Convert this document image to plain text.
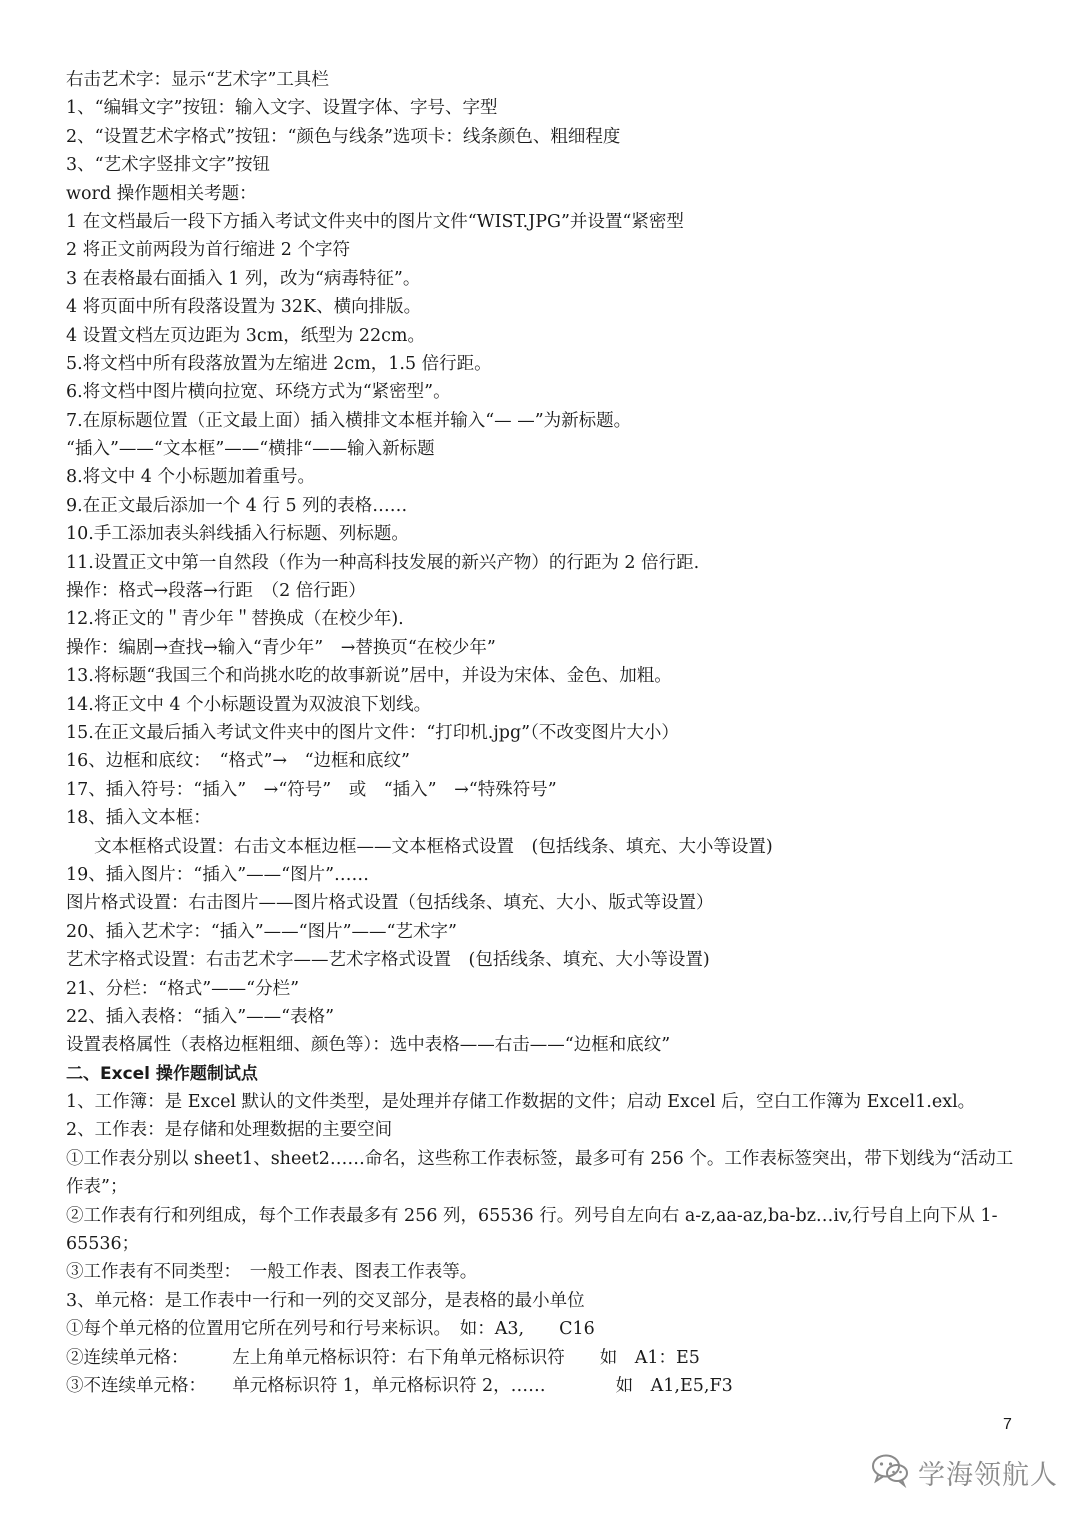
右击艺术字：显示“艺术字”工具栏
1、“编辑文字”按钮：输入文字、设置字体、字号、字型
2、“设置艺术字格式”按钮：“颜色与线条”选项卡：线条颜色、粗细程度
3、“艺术字竖排文字”按钮
word 操作题相关考题：
1 在文档最后一段下方插入考试文件夹中的图片文件“WIST.JPG”并设置“紧密型
2 将正文前两段为首行缩进 2 个字符
3 在表格最右面插入 1 列，改为“病毒特征”。
4 将页面中所有段落设置为 32K、横向排版。
4 设置文档左页边距为 3cm，纸型为 22cm。
5.将文档中所有段落放置为左缩进 2cm，1.5 倍行距。
6.将文档中图片横向拉宽、环绕方式为“紧密型”。
7.在原标题位置（正文最上面）插入横排文本框并输入“— —”为新标题。
“插入”——“文本框”——“横排“——输入新标题
8.将文中 4 个小标题加着重号。
9.在正文最后添加一个 4 行 5 列的表格……
10.手工添加表头斜线插入行标题、列标题。
11.设置正文中第一自然段（作为一种高科技发展的新兴产物）的行距为 2 倍行距.
操作：格式→段落→行距　（2 倍行距）
12.将正文的＂青少年＂替换成（在校少年).
操作：编剧→查找→输入“青少年”　→替换页“在校少年”
13.将标题“我国三个和尚挑水吃的故事新说”居中，并设为宋体、金色、加粗。
14.将正文中 4 个小标题设置为双波浪下划线。
15.在正文最后插入考试文件夹中的图片文件：“打印机.jpg”（不改变图片大小）
16、边框和底纹：　“格式”→　“边框和底纹”
17、插入符号：“插入”　→“符号”　或　“插入”　→“特殊符号”
18、插入文本框：
文本框格式设置：右击文本框边框——文本框格式设置　(包括线条、填充、大小等设置)
19、插入图片：“插入”——“图片”……
图片格式设置：右击图片——图片格式设置（包括线条、填充、大小、版式等设置）
20、插入艺术字：“插入”——“图片”——“艺术字”
艺术字格式设置：右击艺术字——艺术字格式设置　(包括线条、填充、大小等设置)
21、分栏：“格式”——“分栏”
22、插入表格：“插入”——“表格”
设置表格属性（表格边框粗细、颜色等）：选中表格——右击——“边框和底纹”
二、Excel 操作题制试点
1、工作簿：是 Excel 默认的文件类型，是处理并存储工作数据的文件；启动 Excel 后，空白工作簿为 Excel1.exl。
2、工作表：是存储和处理数据的主要空间
①工作表分别以 sheet1、sheet2……命名，这些称工作表标签，最多可有 256 个。工作表标签突出，带下划线为“活动工作表”；
②工作表有行和列组成，每个工作表最多有 256 列，65536 行。列号自左向右 a-z,aa-az,ba-bz…iv,行号自上向下从 1-65536；
③工作表有不同类型：　一般工作表、图表工作表等。
3、单元格：是工作表中一行和一列的交叉部分，是表格的最小单位
①每个单元格的位置用它所在列号和行号来标识。　如：A3,　　C16
②连续单元格：　　　左上角单元格标识符：右下角单元格标识符　　如　A1：E5
③不连续单元格：　　单元格标识符 1，单元格标识符 2，……　　　　如　A1,E5,F3
7
学海领航人
